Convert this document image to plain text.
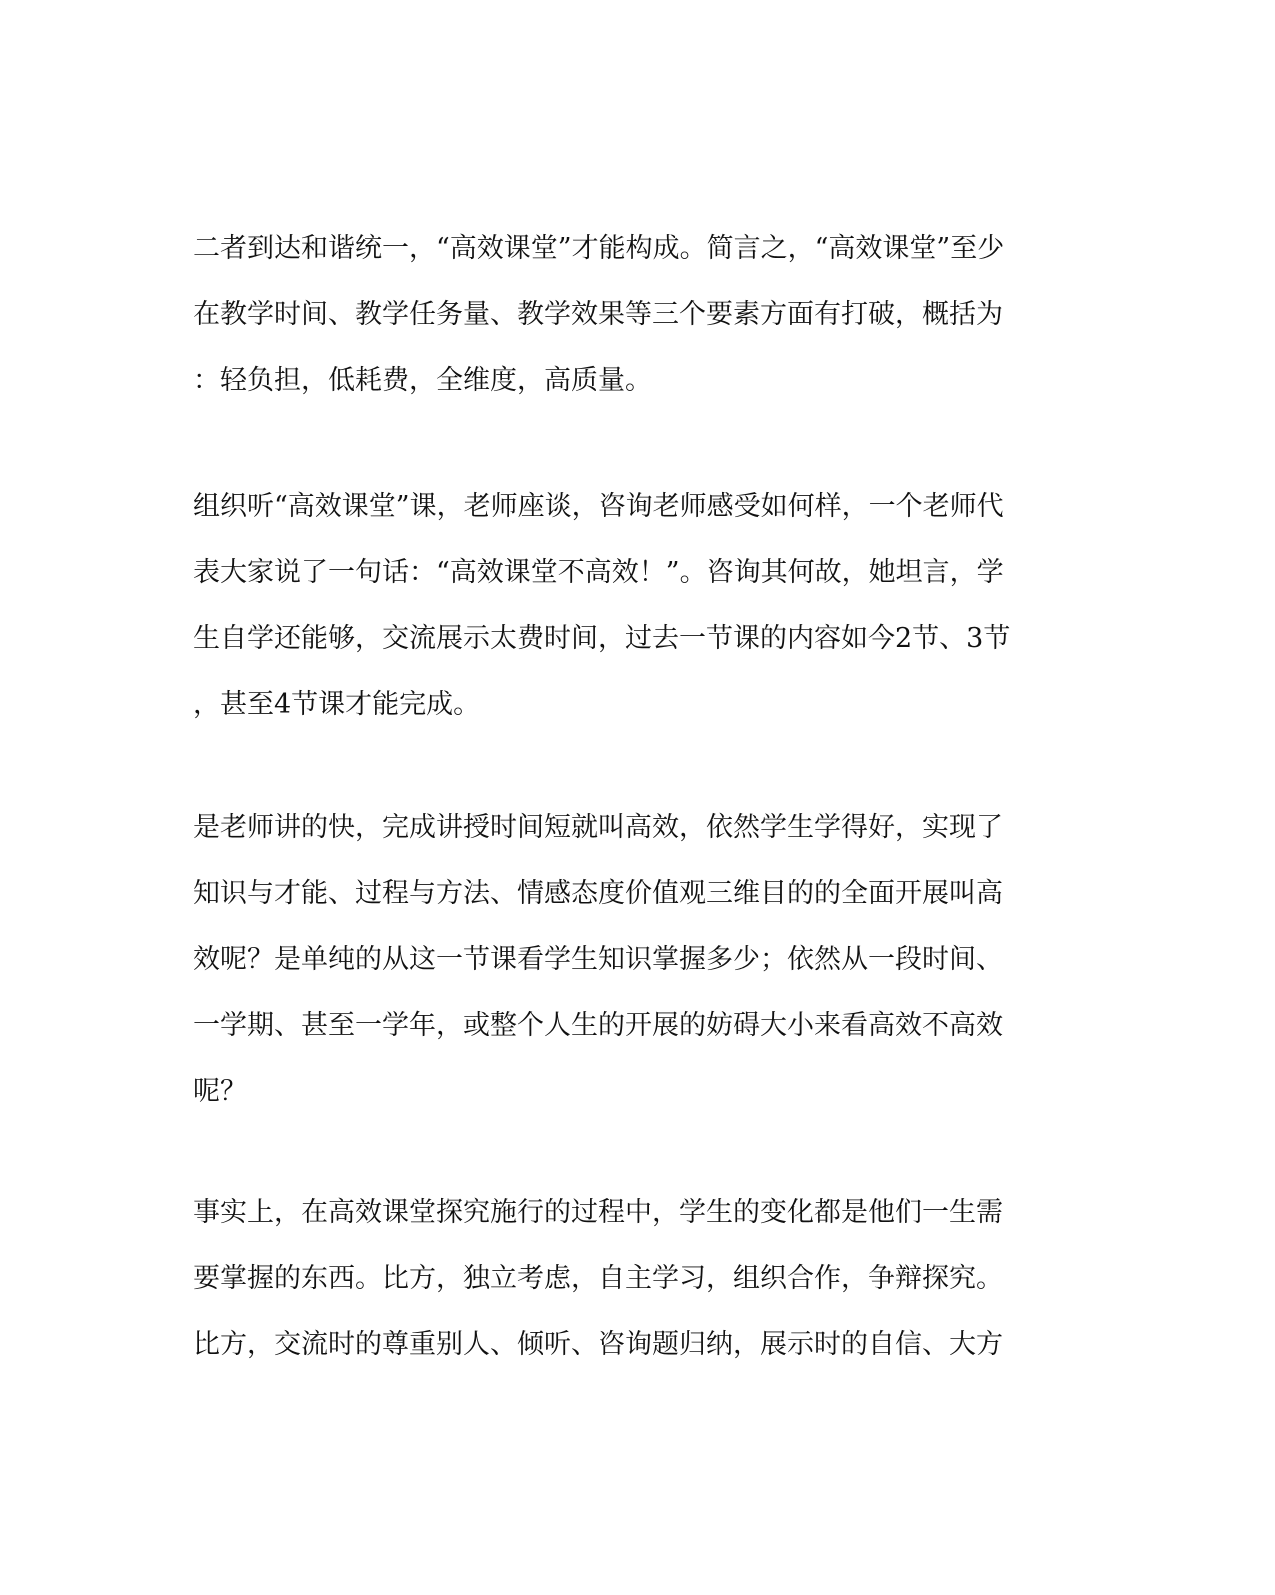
二者到达和谐统一，“高效课堂”才能构成。简言之，“高效课堂”至少
在教学时间、教学任务量、教学效果等三个要素方面有打破，概括为
：轻负担，低耗费，全维度，高质量。
组织听“高效课堂”课，老师座谈，咨询老师感受如何样，一个老师代
表大家说了一句话：“高效课堂不高效！”。咨询其何故，她坦言，学
生自学还能够，交流展示太费时间，过去一节课的内容如今2节、3节
，甚至4节课才能完成。
是老师讲的快，完成讲授时间短就叫高效，依然学生学得好，实现了
知识与才能、过程与方法、情感态度价值观三维目的的全面开展叫高
效呢？是单纯的从这一节课看学生知识掌握多少；依然从一段时间、
一学期、甚至一学年，或整个人生的开展的妨碍大小来看高效不高效
呢？
事实上，在高效课堂探究施行的过程中，学生的变化都是他们一生需
要掌握的东西。比方，独立考虑，自主学习，组织合作，争辩探究。
比方，交流时的尊重别人、倾听、咨询题归纳，展示时的自信、大方
